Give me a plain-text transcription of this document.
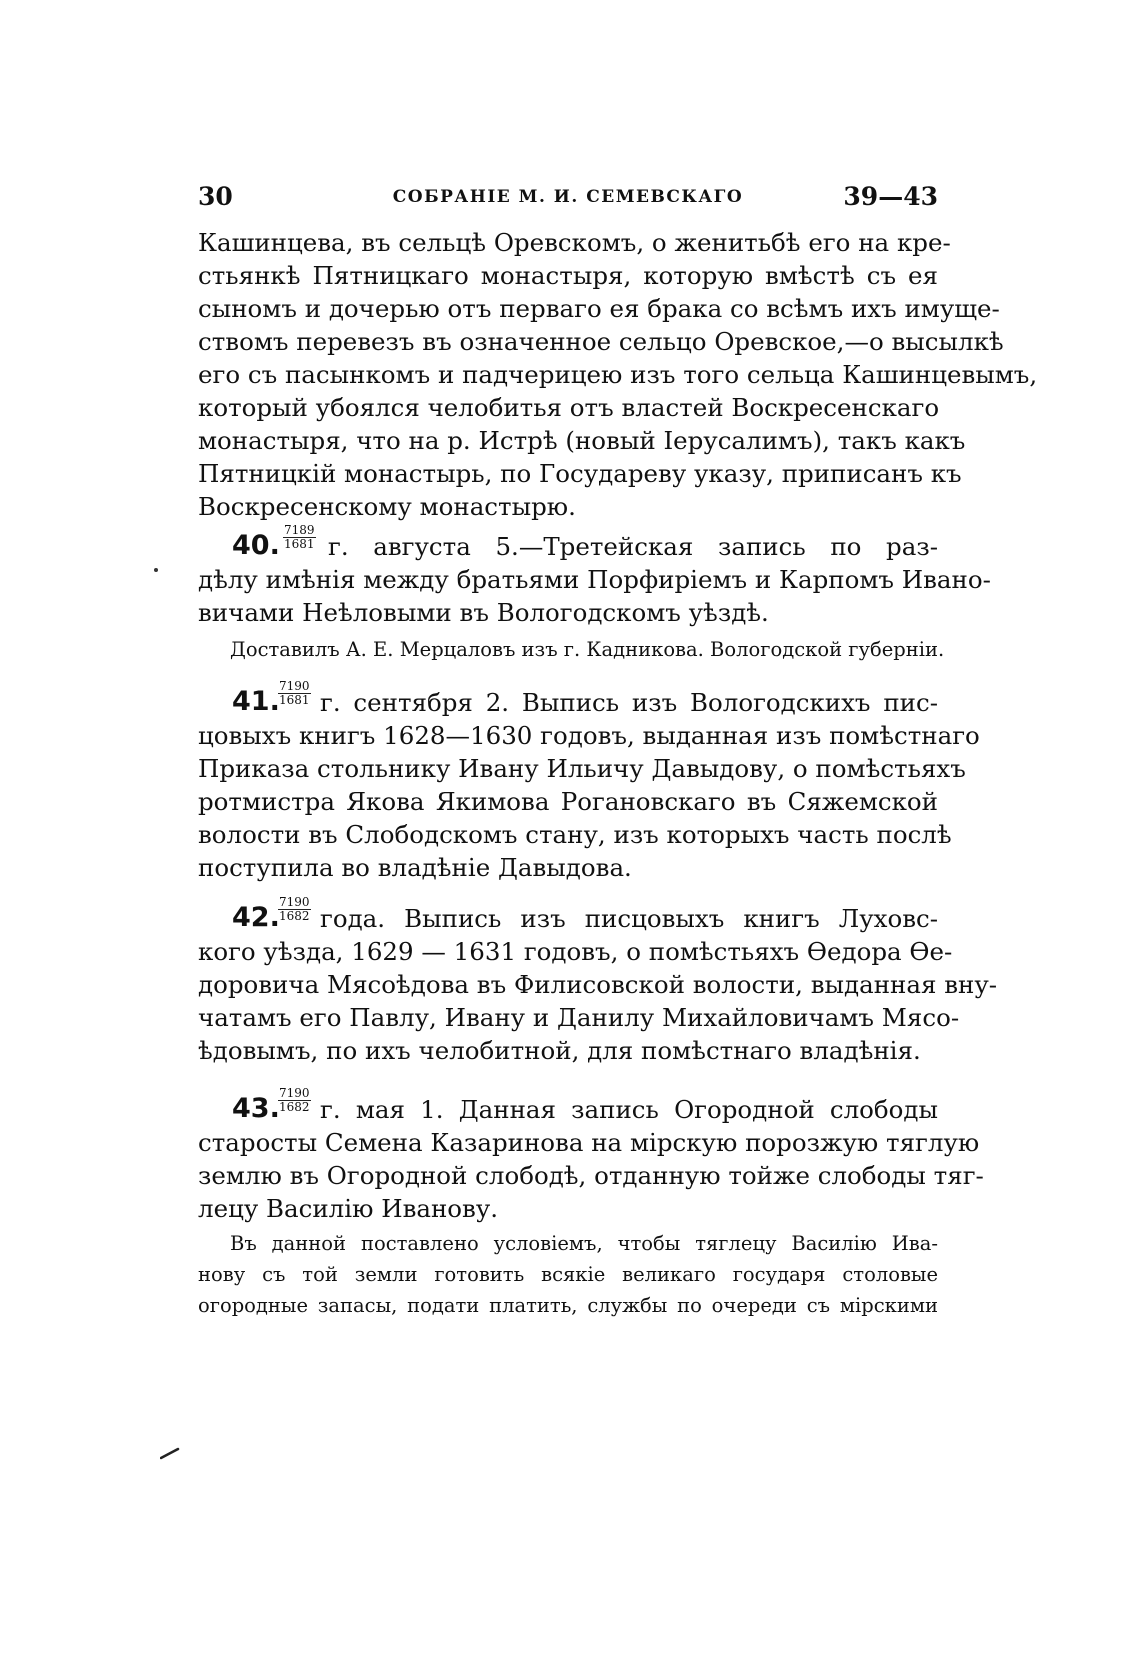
30	СОБРАНІЕ М. И. СЕМЕВСКАГО	39—43
Кашинцева, въ сельцѣ Оревскомъ, о женитьбѣ его на кре-
стьянкѣ Пятницкаго монастыря, которую вмѣстѣ съ ея
сыномъ и дочерью отъ перваго ея брака со всѣмъ ихъ имуще-
ствомъ перевезъ въ означенное сельцо Оревское,—о высылкѣ
его съ пасынкомъ и падчерицею изъ того сельца Кашинцевымъ,
который убоялся челобитья отъ властей Воскресенскаго
монастыря, что на р. Истрѣ (новый Іерусалимъ), такъ какъ
Пятницкій монастырь, по Государеву указу, приписанъ къ
Воскресенскому монастырю.
40. $\frac{7189}{1681} г$. августа 5.—Третейская запись по раз-
дѣлу имѣнія между братьями Порфиріемъ и Карпомъ Ивано-
вичами Неѣловыми въ Вологодскомъ уѣздѣ.
Доставилъ А. Е. Мерцаловъ изъ г. Кадникова. Вологодской губерніи.
41.
$\frac{7190}{1681} г$. сентября 2. Выпись изъ Вологодскихъ пис-
цовыхъ книгъ 1628—1630 годовъ, выданная изъ помѣстнаго
Приказа стольнику Ивану Ильичу Давыдову, о помѣстьяхъ
ротмистра Якова Якимова Рогановскаго въ Сяжемской
волости въ Слободскомъ стану, изъ которыхъ часть послѣ
поступила во владѣніе Давыдова.
42.
$\frac{7190}{1682}$ года. Выпись изъ писцовыхъ книгъ Луховс-
кого уѣзда, 1629 — 1631 годовъ, о помѣстьяхъ Ѳедора Ѳе-
доровича Мясоѣдова въ Филисовской волости, выданная вну-
чатамъ его Павлу, Ивану и Данилу Михайловичамъ Мясо-
ѣдовымъ, по ихъ челобитной, для помѣстнаго владѣнія.
43.
$\frac{7190}{1682} г$. мая 1. Данная запись Огородной слободы
старосты Семена Казаринова на мірскую порозжую тяглую
землю въ Огородной слободѣ, отданную тойже слободы тяг-
лецу Василію Иванову.
Въ данной поставлено условіемъ, чтобы тяглецу Василію Ива-
нову съ той земли готовить всякіе великаго государя столовые
огородные запасы, подати платить, службы по очереди съ мірскими
